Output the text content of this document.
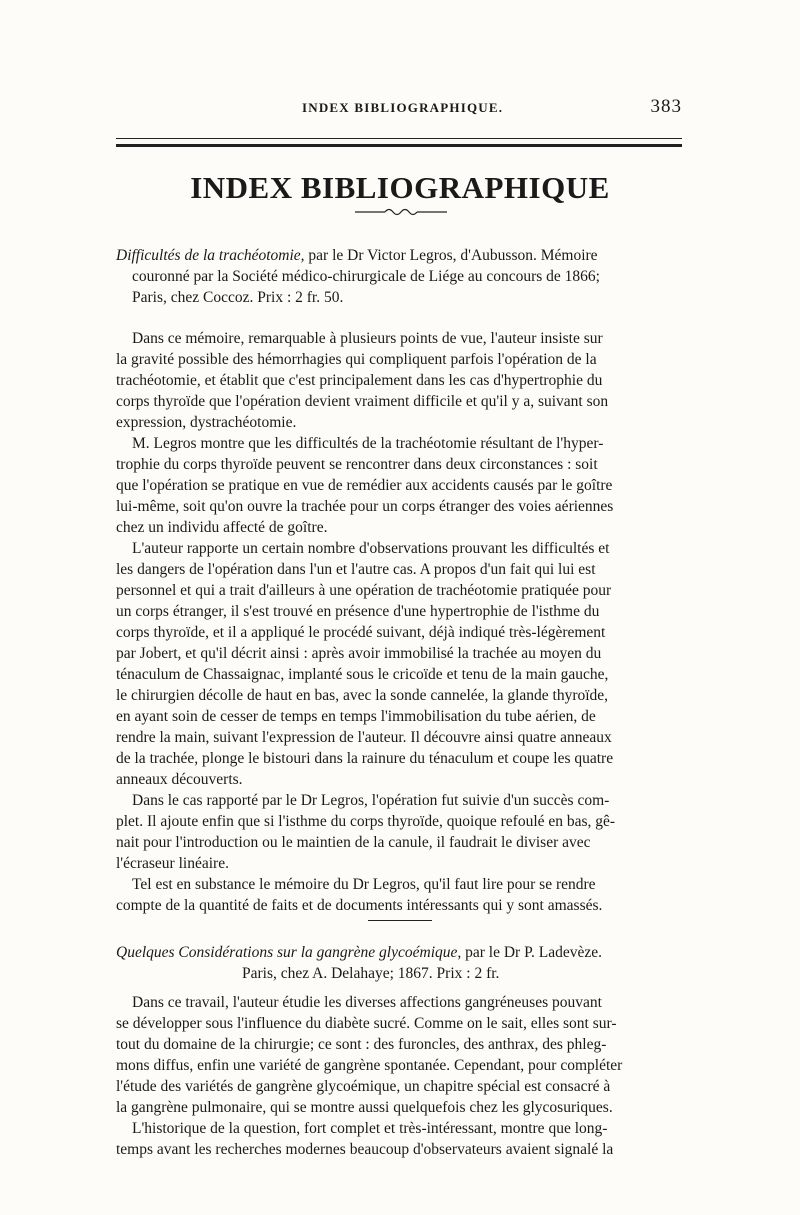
INDEX BIBLIOGRAPHIQUE.	383
INDEX BIBLIOGRAPHIQUE
Difficultés de la trachéotomie, par le Dr Victor Legros, d'Aubusson. Mémoire
couronné par la Société médico-chirurgicale de Liége au concours de 1866;
Paris, chez Coccoz. Prix : 2 fr. 50.
Dans ce mémoire, remarquable à plusieurs points de vue, l'auteur insiste sur
la gravité possible des hémorrhagies qui compliquent parfois l'opération de la
trachéotomie, et établit que c'est principalement dans les cas d'hypertrophie du
corps thyroïde que l'opération devient vraiment difficile et qu'il y a, suivant son
expression, dystrachéotomie.
M. Legros montre que les difficultés de la trachéotomie résultant de l'hyper-
trophie du corps thyroïde peuvent se rencontrer dans deux circonstances : soit
que l'opération se pratique en vue de remédier aux accidents causés par le goître
lui-même, soit qu'on ouvre la trachée pour un corps étranger des voies aériennes
chez un individu affecté de goître.
L'auteur rapporte un certain nombre d'observations prouvant les difficultés et
les dangers de l'opération dans l'un et l'autre cas. A propos d'un fait qui lui est
personnel et qui a trait d'ailleurs à une opération de trachéotomie pratiquée pour
un corps étranger, il s'est trouvé en présence d'une hypertrophie de l'isthme du
corps thyroïde, et il a appliqué le procédé suivant, déjà indiqué très-légèrement
par Jobert, et qu'il décrit ainsi : après avoir immobilisé la trachée au moyen du
ténaculum de Chassaignac, implanté sous le cricoïde et tenu de la main gauche,
le chirurgien décolle de haut en bas, avec la sonde cannelée, la glande thyroïde,
en ayant soin de cesser de temps en temps l'immobilisation du tube aérien, de
rendre la main, suivant l'expression de l'auteur. Il découvre ainsi quatre anneaux
de la trachée, plonge le bistouri dans la rainure du ténaculum et coupe les quatre
anneaux découverts.
Dans le cas rapporté par le Dr Legros, l'opération fut suivie d'un succès com-
plet. Il ajoute enfin que si l'isthme du corps thyroïde, quoique refoulé en bas, gê-
nait pour l'introduction ou le maintien de la canule, il faudrait le diviser avec
l'écraseur linéaire.
Tel est en substance le mémoire du Dr Legros, qu'il faut lire pour se rendre
compte de la quantité de faits et de documents intéressants qui y sont amassés.
Quelques Considérations sur la gangrène glycoémique, par le Dr P. Ladevèze.
Paris, chez A. Delahaye; 1867. Prix : 2 fr.
Dans ce travail, l'auteur étudie les diverses affections gangréneuses pouvant
se développer sous l'influence du diabète sucré. Comme on le sait, elles sont sur-
tout du domaine de la chirurgie; ce sont : des furoncles, des anthrax, des phleg-
mons diffus, enfin une variété de gangrène spontanée. Cependant, pour compléter
l'étude des variétés de gangrène glycoémique, un chapitre spécial est consacré à
la gangrène pulmonaire, qui se montre aussi quelquefois chez les glycosuriques.
L'historique de la question, fort complet et très-intéressant, montre que long-
temps avant les recherches modernes beaucoup d'observateurs avaient signalé la
